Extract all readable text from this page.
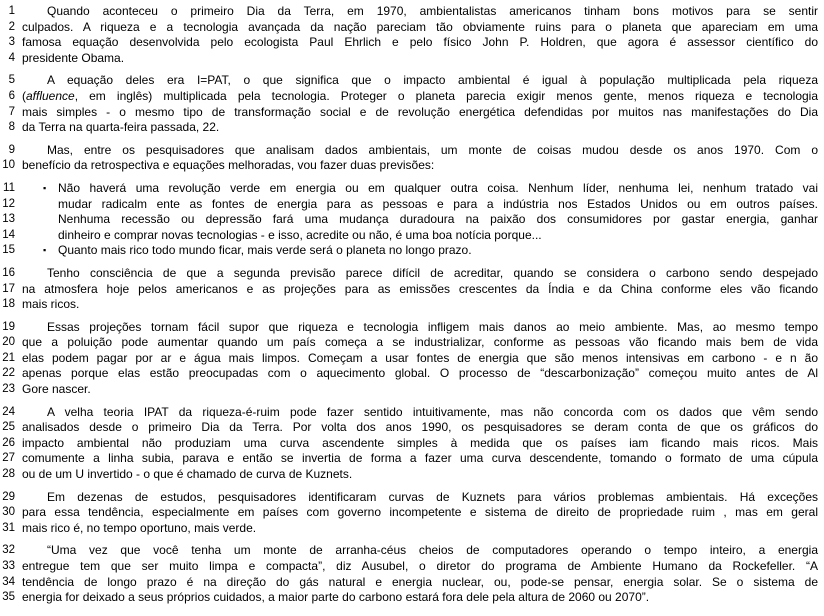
1	Quando aconteceu o primeiro Dia da Terra, em 1970, ambientalistas americanos tinham bons motivos para se sentir
2 culpados. A riqueza e a tecnologia avançada da nação pareciam tão obviamente ruins para o planeta que apareciam em uma
3 famosa equação desenvolvida pelo ecologista Paul Ehrlich e pelo físico John P. Holdren, que agora é assessor científico do
4 presidente Obama.
5	A equação deles era I=PAT, o que significa que o impacto ambiental é igual à população multiplicada pela riqueza
6 (affluence, em inglês) multiplicada pela tecnologia. Proteger o planeta parecia exigir menos gente, menos riqueza e tecnologia
7 mais simples - o mesmo tipo de transformação social e de revolução energética defendidas por muitos nas manifestações do Dia
8 da Terra na quarta-feira passada, 22.
9	Mas, entre os pesquisadores que analisam dados ambientais, um monte de coisas mudou desde os anos 1970. Com o
10 benefício da retrospectiva e equações melhoradas, vou fazer duas previsões:
11	▪ Não haverá uma revolução verde em energia ou em qualquer outra coisa. Nenhum líder, nenhuma lei, nenhum tratado vai
12	mudar radicalm ente as fontes de energia para as pessoas e para a indústria nos Estados Unidos ou em outros países.
13	Nenhuma recessão ou depressão fará uma mudança duradoura na paixão dos consumidores por gastar energia, ganhar
14	dinheiro e comprar novas tecnologias - e isso, acredite ou não, é uma boa notícia porque...
15	▪ Quanto mais rico todo mundo ficar, mais verde será o planeta no longo prazo.
16	Tenho consciência de que a segunda previsão parece difícil de acreditar, quando se considera o carbono sendo despejado
17 na atmosfera hoje pelos americanos e as projeções para as emissões crescentes da Índia e da China conforme eles vão ficando
18 mais ricos.
19	Essas projeções tornam fácil supor que riqueza e tecnologia infligem mais danos ao meio ambiente. Mas, ao mesmo tempo
20 que a poluição pode aumentar quando um país começa a se industrializar, conforme as pessoas vão ficando mais bem de vida
21 elas podem pagar por ar e água mais limpos. Começam a usar fontes de energia que são menos intensivas em carbono - e n ão
22 apenas porque elas estão preocupadas com o aquecimento global. O processo de “descarbonização” começou muito antes de Al
23 Gore nascer.
24	A velha teoria IPAT da riqueza-é-ruim pode fazer sentido intuitivamente, mas não concorda com os dados que vêm sendo
25 analisados desde o primeiro Dia da Terra. Por volta dos anos 1990, os pesquisadores se deram conta de que os gráficos do
26 impacto ambiental não produziam uma curva ascendente simples à medida que os países iam ficando mais ricos. Mais
27 comumente a linha subia, parava e então se invertia de forma a fazer uma curva descendente, tomando o formato de uma cúpula
28 ou de um U invertido - o que é chamado de curva de Kuznets.
29	Em dezenas de estudos, pesquisadores identificaram curvas de Kuznets para vários problemas ambientais. Há exceções
30 para essa tendência, especialmente em países com governo incompetente e sistema de direito de propriedade ruim , mas em geral
31 mais rico é, no tempo oportuno, mais verde.
32	“Uma vez que você tenha um monte de arranha-céus cheios de computadores operando o tempo inteiro, a energia
33 entregue tem que ser muito limpa e compacta”, diz Ausubel, o diretor do programa de Ambiente Humano da Rockefeller. “A
34 tendência de longo prazo é na direção do gás natural e energia nuclear, ou, pode-se pensar, energia solar. Se o sistema de
35 energia for deixado a seus próprios cuidados, a maior parte do carbono estará fora dele pela altura de 2060 ou 2070”.
